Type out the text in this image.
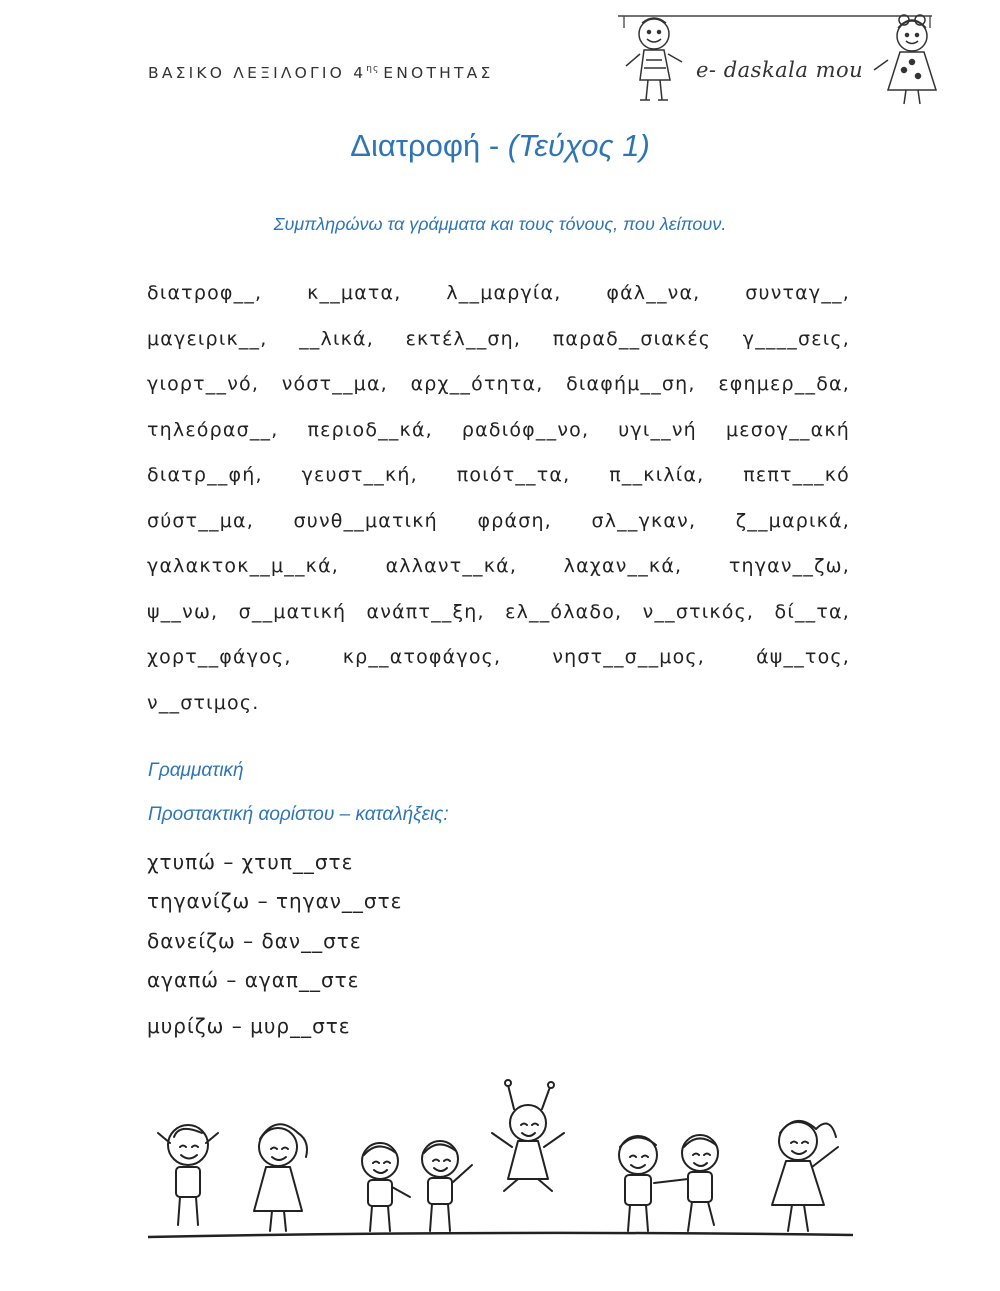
ΒΑΣΙΚΟ ΛΕΞΙΛΟΓΙΟ $4^{\eta\varsigma}$ ΕΝΟΤΗΤΑΣ	e- daskala mou
Διατροφή - (Τεύχος 1)
Συμπληρώνω τα γράμματα και τους τόνους, που λείπουν.
διατροφ__, κ__ματα, λ__μαργία, φάλ__να, συνταγ__,
μαγειρικ__, __λικά, εκτέλ__ση, παραδ__σιακές γ____σεις,
γιορτ__νό, νόστ__μα, αρχ__ότητα, διαφήμ__ση, εφημερ__δα,
τηλεόρασ__, περιοδ__κά, ραδιόφ__νο, υγι__νή μεσογ__ακή
διατρ__φή, γευστ__κή, ποιότ__τα, π__κιλία, πεπτ___κό
σύστ__μα, συνθ__ματική φράση, σλ__γκαν, ζ__μαρικά,
γαλακτοκ__μ__κά, αλλαντ__κά, λαχαν__κά, τηγαν__ζω,
ψ__νω, σ__ματική ανάπτ__ξη, ελ__όλαδο, ν__στικός, δί__τα,
χορτ__φάγος,	κρ__ατοφάγος,	νηστ__σ__μος,	άψ__τος,
ν__στιμος.
Γραμματική
Προστακτική αορίστου – καταλήξεις:
χτυπώ – χτυπ__στε
τηγανίζω – τηγαν__στε
δανείζω – δαν__στε
αγαπώ – αγαπ__στε
μυρίζω – μυρ__στε
